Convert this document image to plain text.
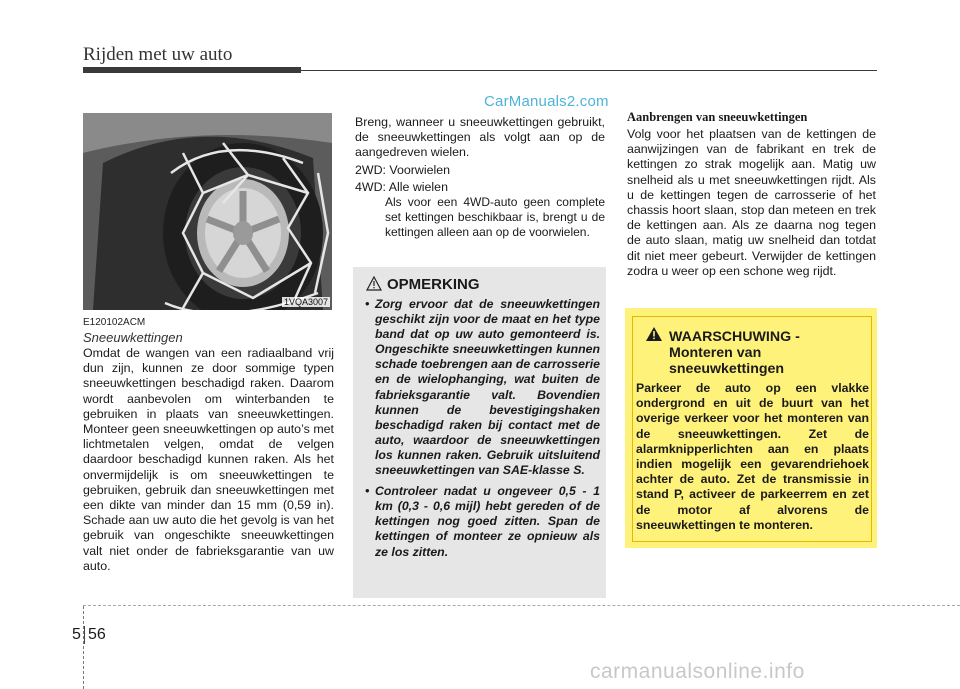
Rijden met uw auto
CarManuals2.com
1VQA3007
E120102ACM
Sneeuwkettingen
Omdat de wangen van een radiaalband vrij dun zijn, kunnen ze door sommige typen sneeuwkettingen beschadigd raken. Daarom wordt aanbevolen om winterbanden te gebruiken in plaats van sneeuwkettingen. Monteer geen sneeuwkettingen op auto’s met lichtmetalen velgen, omdat de velgen daardoor beschadigd kunnen raken. Als het onvermijdelijk is om sneeuwkettingen te gebruiken, gebruik dan sneeuwkettingen met een dikte van minder dan 15 mm (0,59 in). Schade aan uw auto die het gevolg is van het gebruik van ongeschikte sneeuwkettingen valt niet onder de fabrieksgarantie van uw auto.
Breng, wanneer u sneeuwkettingen gebruikt, de sneeuwkettingen als volgt aan op de aangedreven wielen.
2WD: Voorwielen
4WD: Alle wielen
Als voor een 4WD-auto geen complete set kettingen beschikbaar is, brengt u de kettingen alleen aan op de voorwielen.
OPMERKING
• Zorg ervoor dat de sneeuwkettingen geschikt zijn voor de maat en het type band dat op uw auto gemonteerd is. Ongeschikte sneeuwkettingen kunnen schade toebrengen aan de carrosserie en de wielophanging, wat buiten de fabrieksgarantie valt. Bovendien kunnen de bevestigingshaken beschadigd raken bij contact met de auto, waardoor de sneeuwkettingen los kunnen raken. Gebruik uitsluitend sneeuwkettingen van SAE-klasse S.
• Controleer nadat u ongeveer 0,5 - 1 km (0,3 - 0,6 mijl) hebt gereden of de kettingen nog goed zitten. Span de kettingen of monteer ze opnieuw als ze los zitten.
Aanbrengen van sneeuwkettingen
Volg voor het plaatsen van de kettingen de aanwijzingen van de fabrikant en trek de kettingen zo strak mogelijk aan. Matig uw snelheid als u met sneeuwkettingen rijdt. Als u de kettingen tegen de carrosserie of het chassis hoort slaan, stop dan meteen en trek de kettingen aan. Als ze daarna nog tegen de auto slaan, matig uw snelheid dan totdat dit niet meer gebeurt. Verwijder de kettingen zodra u weer op een schone weg rijdt.
WAARSCHUWING -
Monteren van sneeuwkettingen
Parkeer de auto op een vlakke ondergrond en uit de buurt van het overige verkeer voor het monteren van de sneeuwkettingen. Zet de alarmknipperlichten aan en plaats indien mogelijk een gevarendriehoek achter de auto. Zet de transmissie in stand P, activeer de parkeerrem en zet de motor af alvorens de sneeuwkettingen te monteren.
5 56
carmanualsonline.info
